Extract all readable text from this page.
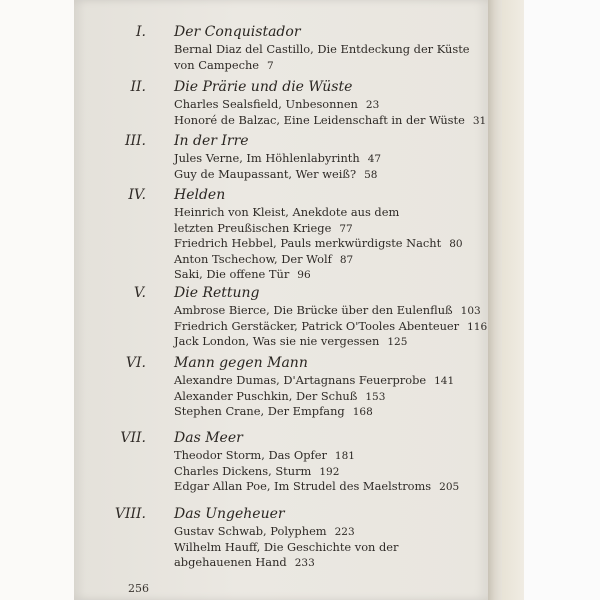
I. Der Conquistador
Bernal Diaz del Castillo, Die Entdeckung der Küste
von Campeche 7
II. Die Prärie und die Wüste
Charles Sealsfield, Unbesonnen 23
Honoré de Balzac, Eine Leidenschaft in der Wüste 31
III. In der Irre
Jules Verne, Im Höhlenlabyrinth 47
Guy de Maupassant, Wer weiß? 58
IV. Helden
Heinrich von Kleist, Anekdote aus dem
letzten Preußischen Kriege 77
Friedrich Hebbel, Pauls merkwürdigste Nacht 80
Anton Tschechow, Der Wolf 87
Saki, Die offene Tür 96
V. Die Rettung
Ambrose Bierce, Die Brücke über den Eulenfluß 103
Friedrich Gerstäcker, Patrick O'Tooles Abenteuer 116
Jack London, Was sie nie vergessen 125
VI. Mann gegen Mann
Alexandre Dumas, D'Artagnans Feuerprobe 141
Alexander Puschkin, Der Schuß 153
Stephen Crane, Der Empfang 168
VII. Das Meer
Theodor Storm, Das Opfer 181
Charles Dickens, Sturm 192
Edgar Allan Poe, Im Strudel des Maelstroms 205
VIII. Das Ungeheuer
Gustav Schwab, Polyphem 223
Wilhelm Hauff, Die Geschichte von der
abgehauenen Hand 233
256
